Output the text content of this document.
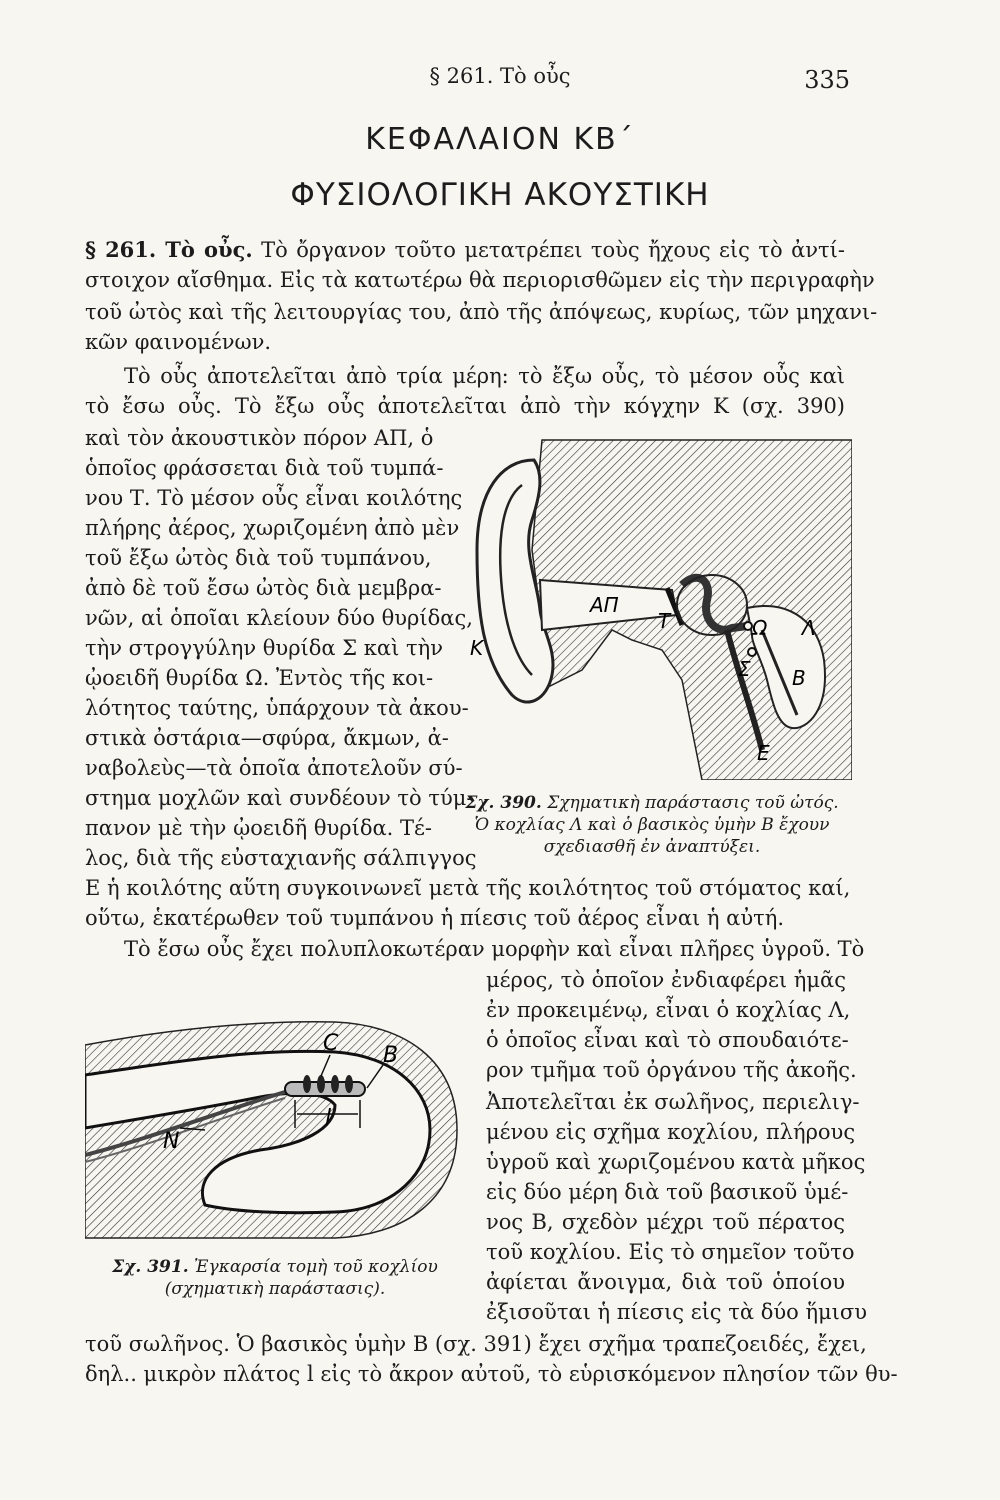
§ 261. Τὸ οὖς	335
ΚΕΦΑΛΑΙΟΝ ΚΒ΄
ΦΥΣΙΟΛΟΓΙΚΗ ΑΚΟΥΣΤΙΚΗ
§ 261. Τὸ οὖς. Τὸ ὄργανον τοῦτο μετατρέπει τοὺς ἤχους εἰς τὸ ἀντί-
στοιχον αἴσθημα. Εἰς τὰ κατωτέρω θὰ περιορισθῶμεν εἰς τὴν περιγραφὴν
τοῦ ὠτὸς καὶ τῆς λειτουργίας του, ἀπὸ τῆς ἀπόψεως, κυρίως, τῶν μηχανι-
κῶν φαινομένων.
Τὸ οὖς ἀποτελεῖται ἀπὸ τρία μέρη: τὸ ἔξω οὖς, τὸ μέσον οὖς καὶ
τὸ ἔσω οὖς. Τὸ ἔξω οὖς ἀποτελεῖται ἀπὸ τὴν κόγχην Κ (σχ. 390)
καὶ τὸν ἀκουστικὸν πόρον ΑΠ, ὁ
ὁποῖος φράσσεται διὰ τοῦ τυμπά-
νου Τ. Τὸ μέσον οὖς εἶναι κοιλότης
πλήρης ἀέρος, χωριζομένη ἀπὸ μὲν
τοῦ ἔξω ὠτὸς διὰ τοῦ τυμπάνου,
ἀπὸ δὲ τοῦ ἔσω ὠτὸς διὰ μεμβρα-
νῶν, αἱ ὁποῖαι κλείουν δύο θυρίδας,
τὴν στρογγύλην θυρίδα Σ καὶ τὴν
ᾠοειδῆ θυρίδα Ω. Ἐντὸς τῆς κοι-
λότητος ταύτης, ὑπάρχουν τὰ ἀκου-
στικὰ ὀστάρια—σφύρα, ἄκμων, ἀ-
ναβολεὺς—τὰ ὁποῖα ἀποτελοῦν σύ-
στημα μοχλῶν καὶ συνδέουν τὸ τύμ-
πανον μὲ τὴν ᾠοειδῆ θυρίδα. Τέ-
λος, διὰ τῆς εὐσταχιανῆς σάλπιγγος
Κ
ΑΠ
Τ	Ω Λ
Σ Β
Ε
Σχ. 390. Σχηματικὴ παράστασις τοῦ ὠτός.
Ὁ κοχλίας Λ καὶ ὁ βασικὸς ὑμὴν Β ἔχουν
σχεδιασθῆ ἐν ἀναπτύξει.
Ε ἡ κοιλότης αὕτη συγκοινωνεῖ μετὰ τῆς κοιλότητος τοῦ στόματος καί,
οὕτω, ἑκατέρωθεν τοῦ τυμπάνου ἡ πίεσις τοῦ ἀέρος εἶναι ἡ αὐτή.
Τὸ ἔσω οὖς ἔχει πολυπλοκωτέραν μορφὴν καὶ εἶναι πλῆρες ὑγροῦ. Τὸ
μέρος, τὸ ὁποῖον ἐνδιαφέρει ἡμᾶς
ἐν προκειμένῳ, εἶναι ὁ κοχλίας Λ,
ὁ ὁποῖος εἶναι καὶ τὸ σπουδαιότε-
ρον τμῆμα τοῦ ὀργάνου τῆς ἀκοῆς.
Ἀποτελεῖται ἐκ σωλῆνος, περιελιγ-
μένου εἰς σχῆμα κοχλίου, πλήρους
ὑγροῦ καὶ χωριζομένου κατὰ μῆκος
εἰς δύο μέρη διὰ τοῦ βασικοῦ ὑμέ-
νος Β, σχεδὸν μέχρι τοῦ πέρατος
τοῦ κοχλίου. Εἰς τὸ σημεῖον τοῦτο
ἀφίεται ἄνοιγμα, διὰ τοῦ ὁποίου
ἐξισοῦται ἡ πίεσις εἰς τὰ δύο ἥμισυ
C B
l
N
Σχ. 391. Ἐγκαρσία τομὴ τοῦ κοχλίου
(σχηματικὴ παράστασις).
τοῦ σωλῆνος. Ὁ βασικὸς ὑμὴν Β (σχ. 391) ἔχει σχῆμα τραπεζοειδές, ἔχει,
δηλ.. μικρὸν πλάτος l εἰς τὸ ἄκρον αὐτοῦ, τὸ εὑρισκόμενον πλησίον τῶν θυ-
